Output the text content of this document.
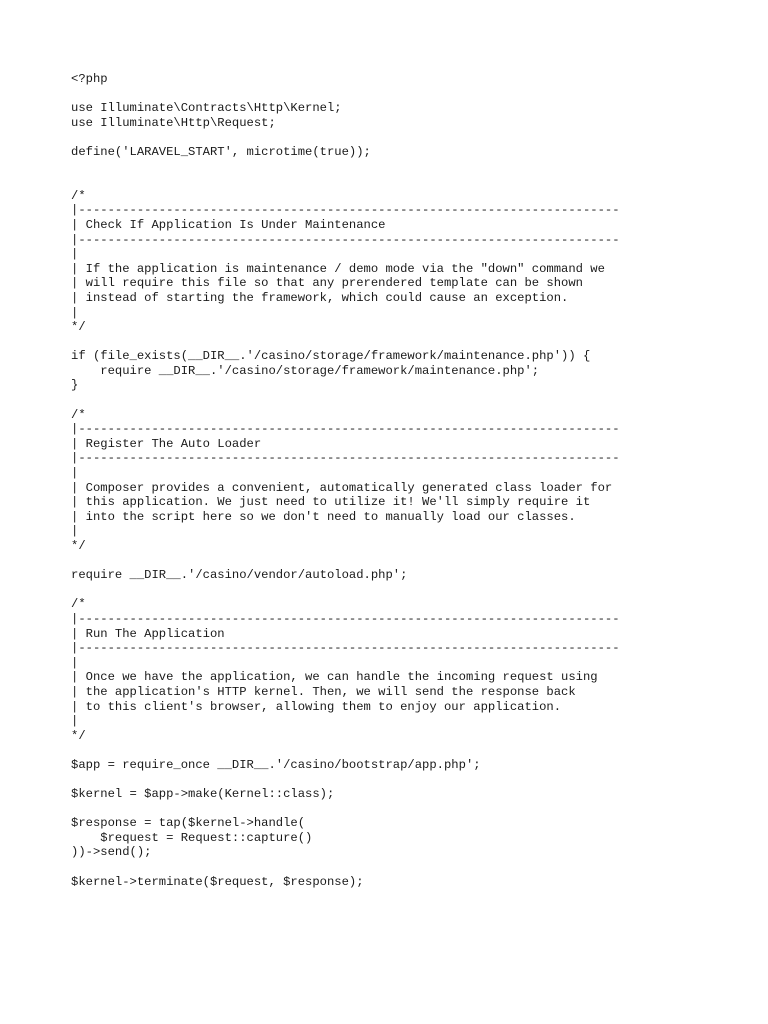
<?php
use Illuminate\Contracts\Http\Kernel;
use Illuminate\Http\Request;
define('LARAVEL_START', microtime(true));
/*
|--------------------------------------------------------------------------
| Check If Application Is Under Maintenance
|--------------------------------------------------------------------------
|
| If the application is maintenance / demo mode via the "down" command we
| will require this file so that any prerendered template can be shown
| instead of starting the framework, which could cause an exception.
|
*/
if (file_exists(__DIR__.'/casino/storage/framework/maintenance.php')) {
require __DIR__.'/casino/storage/framework/maintenance.php';
}
/*
|--------------------------------------------------------------------------
| Register The Auto Loader
|--------------------------------------------------------------------------
|
| Composer provides a convenient, automatically generated class loader for
| this application. We just need to utilize it! We'll simply require it
| into the script here so we don't need to manually load our classes.
|
*/
require __DIR__.'/casino/vendor/autoload.php';
/*
|--------------------------------------------------------------------------
| Run The Application
|--------------------------------------------------------------------------
|
| Once we have the application, we can handle the incoming request using
| the application's HTTP kernel. Then, we will send the response back
| to this client's browser, allowing them to enjoy our application.
|
*/
$app = require_once __DIR__.'/casino/bootstrap/app.php';
$kernel = $app->make(Kernel::class);
$response = tap($kernel->handle(
$request = Request::capture()
))->send();
$kernel->terminate($request, $response);
